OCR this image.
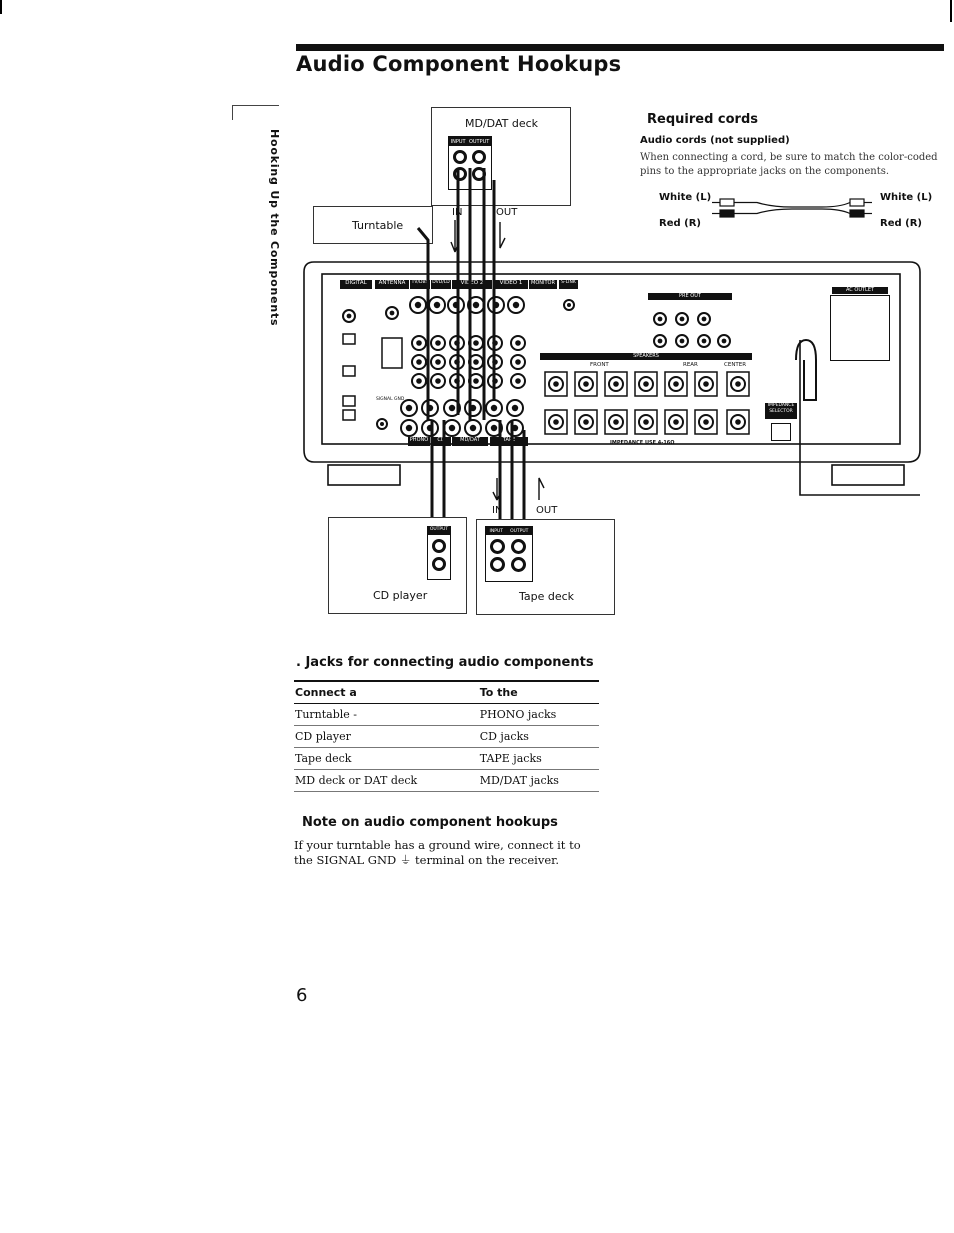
Audio Component Hookups
Hooking Up the Components
MD/DAT deck
INPUT OUTPUT
IN	OUT
Turntable
Required cords
Audio cords (not supplied)
When connecting a cord, be sure to match the color-coded pins to the appropriate jacks on the components.
White (L)
Red (R)
White (L)
Red (R)
DIGITAL	ANTENNA	TV/DBS DVD/LD	VIDEO 2	VIDEO 1	MONITOR	S-LINK
PRE OUT
AC OUTLET
SPEAKERS
FRONT	REAR	CENTER
IMPEDANCE USE 4-16Ω
IMPEDANCE SELECTOR
PHONO	CD	MD/DAT	TAPE
SIGNAL GND
IN	OUT
OUTPUT
CD player
INPUT OUTPUT
Tape deck
. Jacks for connecting audio components
Connect a	To the
Turntable -	PHONO jacks
CD player	CD jacks
Tape deck	TAPE jacks
MD deck or DAT deck	MD/DAT jacks
Note on audio component hookups
If your turntable has a ground wire, connect it to the SIGNAL GND ⏚ terminal on the receiver.
6
